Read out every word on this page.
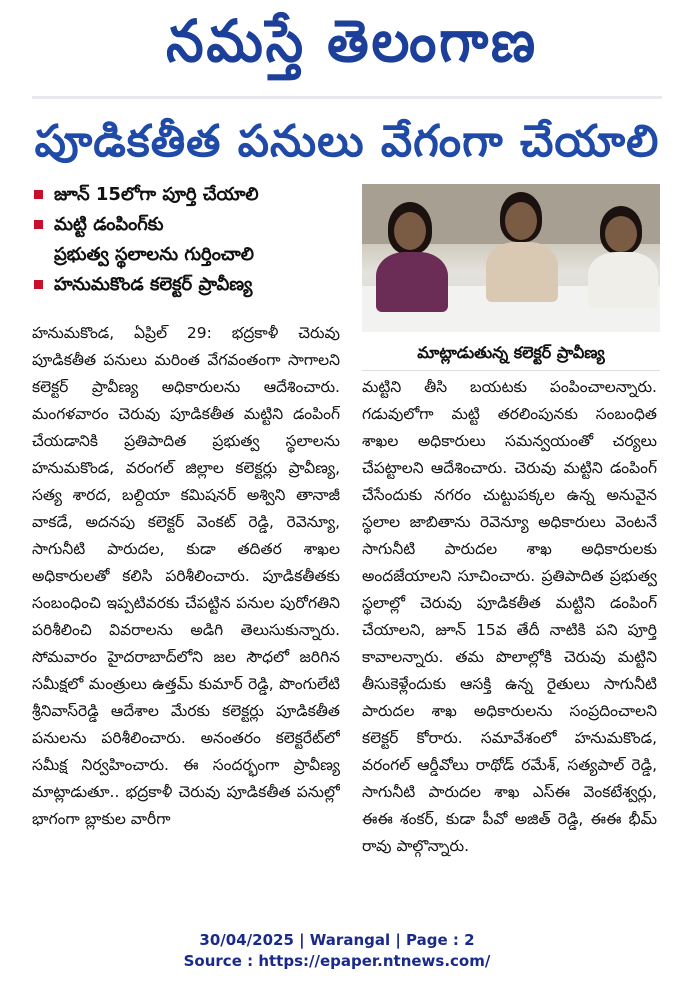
నమస్తే తెలంగాణ
పూడికతీత పనులు వేగంగా చేయాలి
జూన్ 15లోగా పూర్తి చేయాలి
మట్టి డంపింగ్‌కు
ప్రభుత్వ స్థలాలను గుర్తించాలి
హనుమకొండ కలెక్టర్ ప్రావీణ్య
మాట్లాడుతున్న కలెక్టర్ ప్రావీణ్య
హనుమకొండ, ఏప్రిల్ 29: భద్రకాళీ చెరువు పూడికతీత పనులు మరింత వేగవంతంగా సాగాలని కలెక్టర్ ప్రావీణ్య అధికారులను ఆదేశించారు. మంగళవారం చెరువు పూడికతీత మట్టిని డంపింగ్ చేయడానికి ప్రతిపాదిత ప్రభుత్వ స్థలాలను హనుమకొండ, వరంగల్ జిల్లాల కలెక్టర్లు ప్రావీణ్య, సత్య శారద, బల్దియా కమిషనర్ అశ్విని తానాజీ వాకడే, అదనపు కలెక్టర్ వెంకట్ రెడ్డి, రెవెన్యూ, సాగునీటి పారుదల, కుడా తదితర శాఖల అధికారులతో కలిసి పరిశీలించారు. పూడికతీతకు సంబంధించి ఇప్పటివరకు చేపట్టిన పనుల పురోగతిని పరిశీలించి వివరాలను అడిగి తెలుసుకున్నారు. సోమవారం హైదరాబాద్‌లోని జల సౌధలో జరిగిన సమీక్షలో మంత్రులు ఉత్తమ్ కుమార్ రెడ్డి, పొంగులేటి శ్రీనివాస్‌రెడ్డి ఆదేశాల మేరకు కలెక్టర్లు పూడికతీత పనులను పరిశీలించారు. అనంతరం కలెక్టరేట్‌లో సమీక్ష నిర్వహించారు. ఈ సందర్భంగా ప్రావీణ్య మాట్లాడుతూ.. భద్రకాళీ చెరువు పూడికతీత పనుల్లో భాగంగా బ్లాకుల వారీగా
మట్టిని తీసి బయటకు పంపించాలన్నారు. గడువులోగా మట్టి తరలింపునకు సంబంధిత శాఖల అధికారులు సమన్వయంతో చర్యలు చేపట్టాలని ఆదేశించారు. చెరువు మట్టిని డంపింగ్ చేసేందుకు నగరం చుట్టుపక్కల ఉన్న అనువైన స్థలాల జాబితాను రెవెన్యూ అధికారులు వెంటనే సాగునీటి పారుదల శాఖ అధికారులకు అందజేయాలని సూచించారు. ప్రతిపాదిత ప్రభుత్వ స్థలాల్లో చెరువు పూడికతీత మట్టిని డంపింగ్ చేయాలని, జూన్ 15వ తేదీ నాటికి పని పూర్తి కావాలన్నారు. తమ పొలాల్లోకి చెరువు మట్టిని తీసుకెళ్లేందుకు ఆసక్తి ఉన్న రైతులు సాగునీటి పారుదల శాఖ అధికారులను సంప్రదించాలని కలెక్టర్ కోరారు. సమావేశంలో హనుమకొండ, వరంగల్ ఆర్డీవోలు రాథోడ్ రమేశ్, సత్యపాల్ రెడ్డి, సాగునీటి పారుదల శాఖ ఎస్‌ఈ వెంకటేశ్వర్లు, ఈఈ శంకర్, కుడా పీవో అజిత్ రెడ్డి, ఈఈ భీమ్ రావు పాల్గొన్నారు.
30/04/2025 | Warangal | Page : 2
Source : https://epaper.ntnews.com/
